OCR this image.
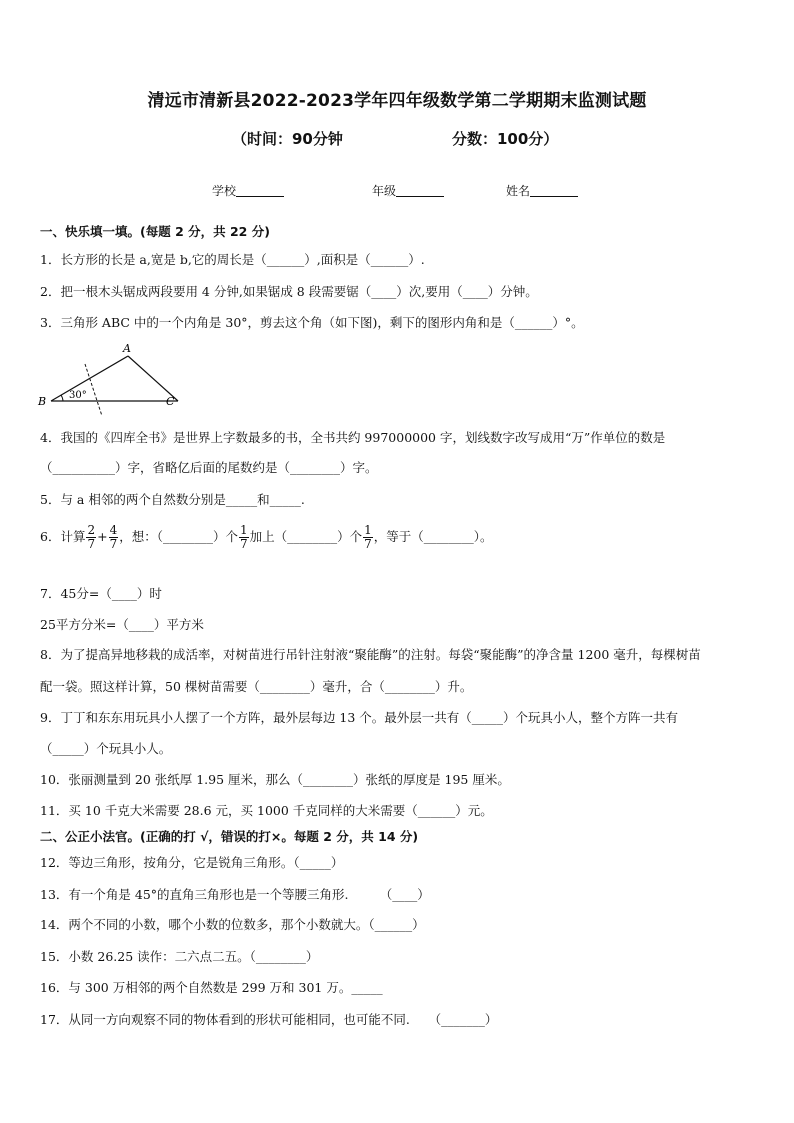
清远市清新县2022-2023学年四年级数学第二学期期末监测试题
（时间：90分钟	分数：100分）
学校	年级	姓名
一、快乐填一填。(每题 2 分，共 22 分)
1．长方形的长是 a,宽是 b,它的周长是（______）,面积是（______）.
2．把一根木头锯成两段要用 4 分钟,如果锯成 8 段需要锯（____）次,要用（____）分钟。
3．三角形 ABC 中的一个内角是 30°，剪去这个角（如下图)，剩下的图形内角和是（______）°。
A
B	C
30°
4．我国的《四库全书》是世界上字数最多的书，全书共约 997000000 字，划线数字改写成用“万”作单位的数是
（__________）字，省略亿后面的尾数约是（________）字。
5．与 a 相邻的两个自然数分别是_____和_____.
6．计算 $\frac{2}{7} + \frac{4}{7}$ ，想：（________）个 $\frac{1}{7}$ 加上（________）个 $\frac{1}{7}$ ，等于（________）。
7．45分=（____）时
25平方分米=（____）平方米
8．为了提高异地移栽的成活率，对树苗进行吊针注射液“聚能酶”的注射。每袋“聚能酶”的净含量 1200 毫升，每棵树苗
配一袋。照这样计算，50 棵树苗需要（________）毫升，合（________）升。
9．丁丁和东东用玩具小人摆了一个方阵，最外层每边 13 个。最外层一共有（_____）个玩具小人，整个方阵一共有
（_____）个玩具小人。
10．张丽测量到 20 张纸厚 1.95 厘米，那么（________）张纸的厚度是 195 厘米。
11．买 10 千克大米需要 28.6 元，买 1000 千克同样的大米需要（______）元。
二、公正小法官。(正确的打 √，错误的打×。每题 2 分，共 14 分)
12．等边三角形，按角分，它是锐角三角形。（_____）
13．有一个角是 45°的直角三角形也是一个等腰三角形.　　　（____）
14．两个不同的小数，哪个小数的位数多，那个小数就大。（______）
15．小数 26.25 读作：二六点二五。（________）
16．与 300 万相邻的两个自然数是 299 万和 301 万。_____
17．从同一方向观察不同的物体看到的形状可能相同，也可能不同.　　（_______）
